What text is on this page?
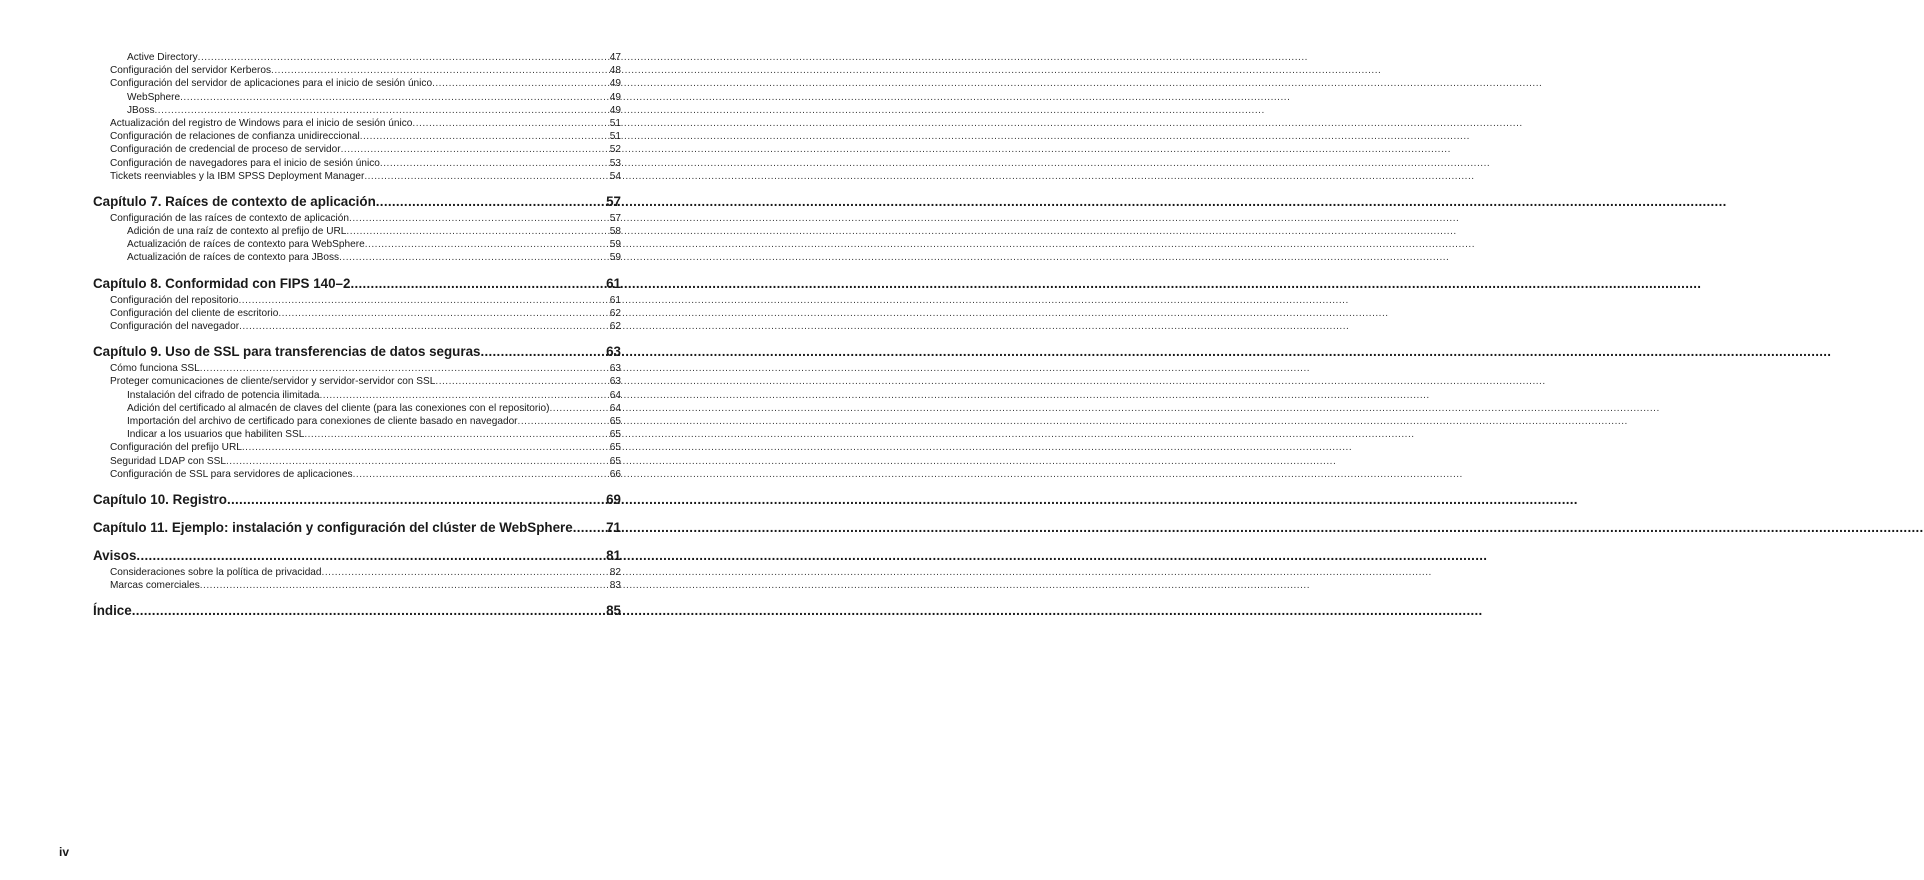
Active Directory .....	47
Configuración del servidor Kerberos .....	48
Configuración del servidor de aplicaciones para el inicio de sesión único .....	49
WebSphere .....	49
JBoss .....	49
Actualización del registro de Windows para el inicio de sesión único .....	51
Configuración de relaciones de confianza unidireccional .....	51
Configuración de credencial de proceso de servidor .....	52
Configuración de navegadores para el inicio de sesión único .....	53
Tickets reenviables y la IBM SPSS Deployment Manager .....	54
Capítulo 7. Raíces de contexto de aplicación .....	57
Configuración de las raíces de contexto de aplicación .....	57
Adición de una raíz de contexto al prefijo de URL .....	58
Actualización de raíces de contexto para WebSphere .....	59
Actualización de raíces de contexto para JBoss .....	59
Capítulo 8. Conformidad con FIPS 140–2 .....	61
Configuración del repositorio .....	61
Configuración del cliente de escritorio .....	62
Configuración del navegador .....	62
Capítulo 9. Uso de SSL para transferencias de datos seguras .....	63
Cómo funciona SSL .....	63
Proteger comunicaciones de cliente/servidor y servidor-servidor con SSL .....	63
Instalación del cifrado de potencia ilimitada .....	64
Adición del certificado al almacén de claves del cliente (para las conexiones con el repositorio) .....	64
Importación del archivo de certificado para conexiones de cliente basado en navegador .....	65
Indicar a los usuarios que habiliten SSL .....	65
Configuración del prefijo URL .....	65
Seguridad LDAP con SSL .....	65
Configuración de SSL para servidores de aplicaciones .....	66
Capítulo 10. Registro .....	69
Capítulo 11. Ejemplo: instalación y configuración del clúster de WebSphere ..... 71
Avisos .....	81
Consideraciones sobre la política de privacidad .....	82
Marcas comerciales .....	83
Índice .....	85
iv
